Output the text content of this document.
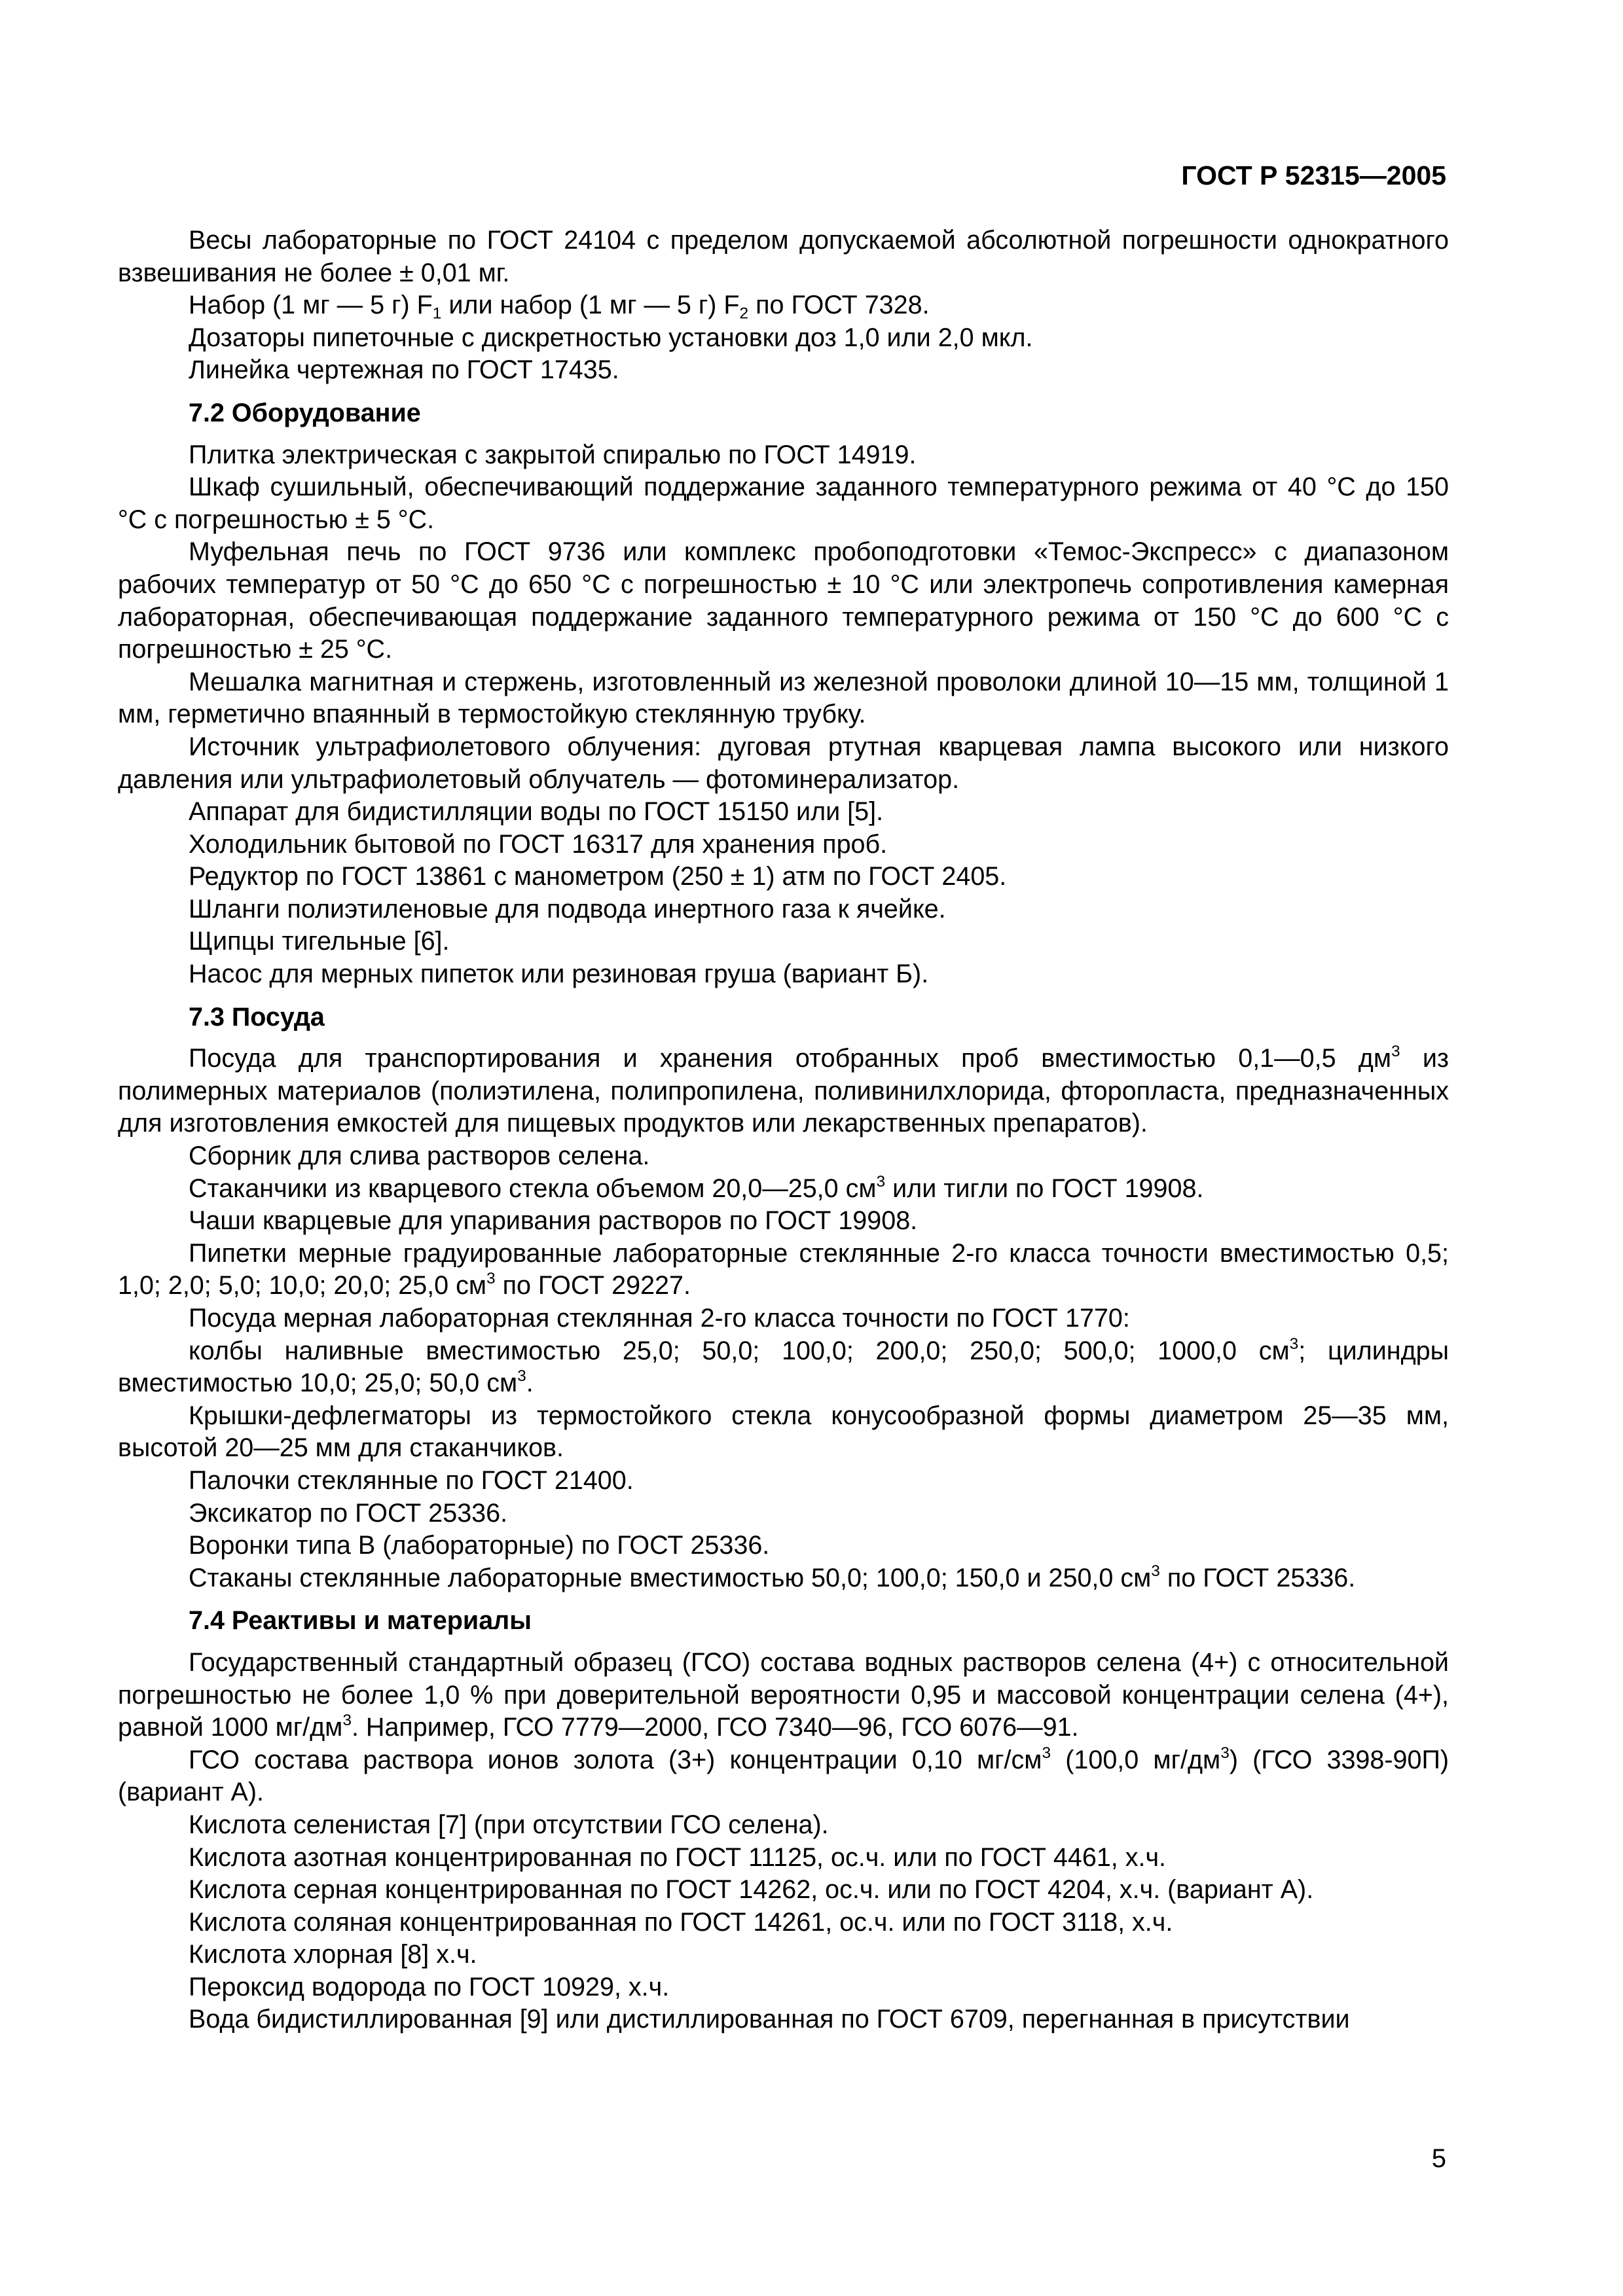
ГОСТ Р 52315—2005

Весы лабораторные по ГОСТ 24104 с пределом допускаемой абсолютной погрешности однократного взвешивания не более ± 0,01 мг.

Набор (1 мг — 5 г) $F_1$ или набор (1 мг — 5 г) $F_2$ по ГОСТ 7328.

Дозаторы пипеточные с дискретностью установки доз 1,0 или 2,0 мкл.

Линейка чертежная по ГОСТ 17435.

7.2 Оборудование

Плитка электрическая с закрытой спиралью по ГОСТ 14919.

Шкаф сушильный, обеспечивающий поддержание заданного температурного режима от 40 °С до 150 °С с погрешностью ± 5 °С.

Муфельная печь по ГОСТ 9736 или комплекс пробоподготовки «Темос-Экспресс» с диапазоном рабочих температур от 50 °С до 650 °С с погрешностью ± 10 °С или электропечь сопротивления камерная лабораторная, обеспечивающая поддержание заданного температурного режима от 150 °С до 600 °С с погрешностью ± 25 °С.

Мешалка магнитная и стержень, изготовленный из железной проволоки длиной 10—15 мм, толщиной 1 мм, герметично впаянный в термостойкую стеклянную трубку.

Источник ультрафиолетового облучения: дуговая ртутная кварцевая лампа высокого или низкого давления или ультрафиолетовый облучатель — фотоминерализатор.

Аппарат для бидистилляции воды по ГОСТ 15150 или [5].

Холодильник бытовой по ГОСТ 16317 для хранения проб.

Редуктор по ГОСТ 13861 с манометром (250 ± 1) атм по ГОСТ 2405.

Шланги полиэтиленовые для подвода инертного газа к ячейке.

Щипцы тигельные [6].

Насос для мерных пипеток или резиновая груша (вариант Б).

7.3 Посуда

Посуда для транспортирования и хранения отобранных проб вместимостью 0,1—0,5 $дм^3$ из полимерных материалов (полиэтилена, полипропилена, поливинилхлорида, фторопласта, предназначенных для изготовления емкостей для пищевых продуктов или лекарственных препаратов).

Сборник для слива растворов селена.

Стаканчики из кварцевого стекла объемом 20,0—25,0 $см^3$ или тигли по ГОСТ 19908.

Чаши кварцевые для упаривания растворов по ГОСТ 19908.

Пипетки мерные градуированные лабораторные стеклянные 2-го класса точности вместимостью 0,5; 1,0; 2,0; 5,0; 10,0; 20,0; 25,0 $см^3$ по ГОСТ 29227.

Посуда мерная лабораторная стеклянная 2-го класса точности по ГОСТ 1770:

колбы наливные вместимостью 25,0; 50,0; 100,0; 200,0; 250,0; 500,0; 1000,0 $см^3$; цилиндры вместимостью 10,0; 25,0; 50,0 $см^3$.

Крышки-дефлегматоры из термостойкого стекла конусообразной формы диаметром 25—35 мм, высотой 20—25 мм для стаканчиков.

Палочки стеклянные по ГОСТ 21400.

Эксикатор по ГОСТ 25336.

Воронки типа В (лабораторные) по ГОСТ 25336.

Стаканы стеклянные лабораторные вместимостью 50,0; 100,0; 150,0 и 250,0 $см^3$ по ГОСТ 25336.

7.4 Реактивы и материалы

Государственный стандартный образец (ГСО) состава водных растворов селена (4+) с относительной погрешностью не более 1,0 % при доверительной вероятности 0,95 и массовой концентрации селена (4+), равной 1000 $мг/дм^3$. Например, ГСО 7779—2000, ГСО 7340—96, ГСО 6076—91.

ГСО состава раствора ионов золота (3+) концентрации 0,10 $мг/см^3$ (100,0 $мг/дм^3$) (ГСО 3398-90П) (вариант А).

Кислота селенистая [7] (при отсутствии ГСО селена).

Кислота азотная концентрированная по ГОСТ 11125, ос.ч. или по ГОСТ 4461, х.ч.

Кислота серная концентрированная по ГОСТ 14262, ос.ч. или по ГОСТ 4204, х.ч. (вариант А).

Кислота соляная концентрированная по ГОСТ 14261, ос.ч. или по ГОСТ 3118, х.ч.

Кислота хлорная [8] х.ч.

Пероксид водорода по ГОСТ 10929, х.ч.

Вода бидистиллированная [9] или дистиллированная по ГОСТ 6709, перегнанная в присутствии

5
